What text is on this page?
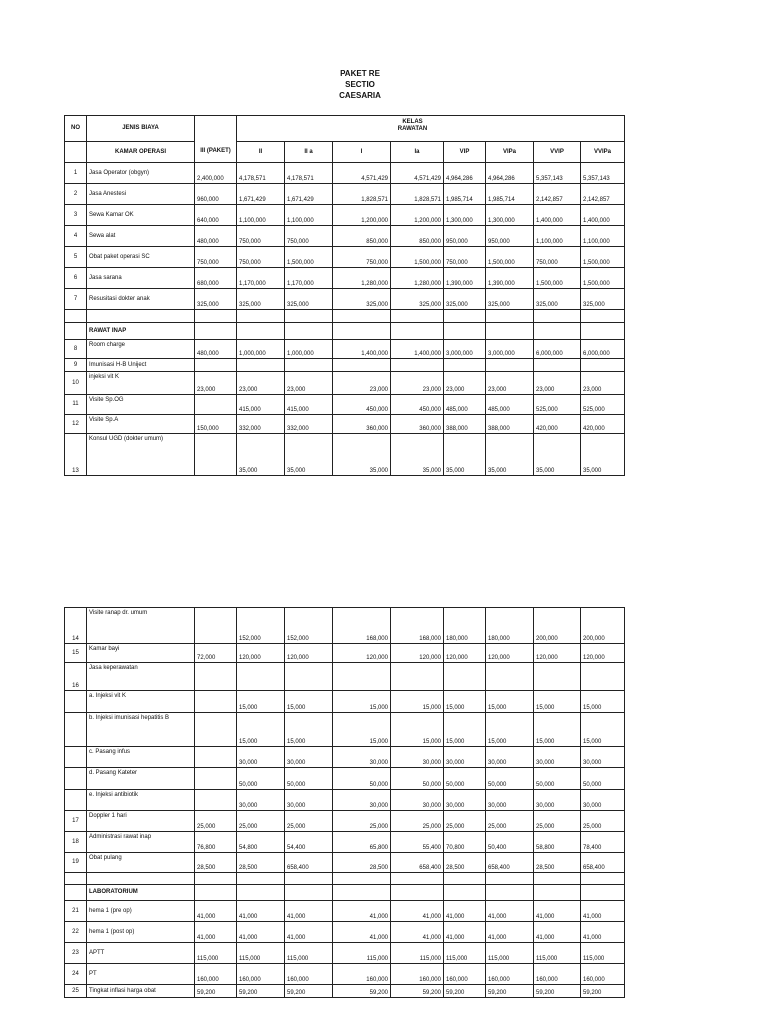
PAKET RE
SECTIO
CAESARIA
NO	JENIS BIAYA					KELAS RAWATAN				
	KAMAR OPERASI	III (PAKET)	II	II a	I	Ia	VIP	VIPa	VVIP	VVIPa
1	Jasa Operator (obgyn)	2,400,000	4,178,571	4,178,571	4,571,429	4,571,429	4,964,286	4,964,286	5,357,143	5,357,143
2	Jasa Anestesi	960,000	1,671,429	1,671,429	1,828,571	1,828,571	1,985,714	1,985,714	2,142,857	2,142,857
3	Sewa Kamar OK	640,000	1,100,000	1,100,000	1,200,000	1,200,000	1,300,000	1,300,000	1,400,000	1,400,000
4	Sewa alat	480,000	750,000	750,000	850,000	850,000	950,000	950,000	1,100,000	1,100,000
5	Obat paket operasi SC	750,000	750,000	1,500,000	750,000	1,500,000	750,000	1,500,000	750,000	1,500,000
6	Jasa sarana	680,000	1,170,000	1,170,000	1,280,000	1,280,000	1,390,000	1,390,000	1,500,000	1,500,000
7	Resusitasi dokter anak	325,000	325,000	325,000	325,000	325,000	325,000	325,000	325,000	325,000

	RAWAT INAP									
8	Room charge	480,000	1,000,000	1,000,000	1,400,000	1,400,000	3,000,000	3,000,000	6,000,000	6,000,000
9	Imunisasi H-B Uniject									
10	injeksi vit K	23,000	23,000	23,000	23,000	23,000	23,000	23,000	23,000	23,000
11	Visite Sp.OG		415,000	415,000	450,000	450,000	485,000	485,000	525,000	525,000
12	Visite Sp.A	150,000	332,000	332,000	360,000	360,000	388,000	388,000	420,000	420,000
13	Konsul UGD (dokter umum)		35,000	35,000	35,000	35,000	35,000	35,000	35,000	35,000
14	Visite ranap dr. umum		152,000	152,000	168,000	168,000	180,000	180,000	200,000	200,000
15	Kamar bayi	72,000	120,000	120,000	120,000	120,000	120,000	120,000	120,000	120,000
16	Jasa keperawatan									
	a. Injeksi vit K		15,000	15,000	15,000	15,000	15,000	15,000	15,000	15,000
	b. Injeksi imunisasi hepatitis B		15,000	15,000	15,000	15,000	15,000	15,000	15,000	15,000
	c. Pasang infus		30,000	30,000	30,000	30,000	30,000	30,000	30,000	30,000
	d. Pasang Kateter		50,000	50,000	50,000	50,000	50,000	50,000	50,000	50,000
	e. Injeksi antibiotik		30,000	30,000	30,000	30,000	30,000	30,000	30,000	30,000
17	Doppler 1 hari	25,000	25,000	25,000	25,000	25,000	25,000	25,000	25,000	25,000
18	Administrasi rawat inap	76,800	54,800	54,400	65,800	55,400	70,800	50,400	58,800	78,400
19	Obat pulang	28,500	28,500	658,400	28,500	658,400	28,500	658,400	28,500	658,400

	LABORATORIUM									
21	hema 1 (pre op)	41,000	41,000	41,000	41,000	41,000	41,000	41,000	41,000	41,000
22	hema 1 (post op)	41,000	41,000	41,000	41,000	41,000	41,000	41,000	41,000	41,000
23	APTT	115,000	115,000	115,000	115,000	115,000	115,000	115,000	115,000	115,000
24	PT	160,000	160,000	160,000	160,000	160,000	160,000	160,000	160,000	160,000
25	Tingkat inflasi harga obat	59,200	59,200	59,200	59,200	59,200	59,200	59,200	59,200	59,200
